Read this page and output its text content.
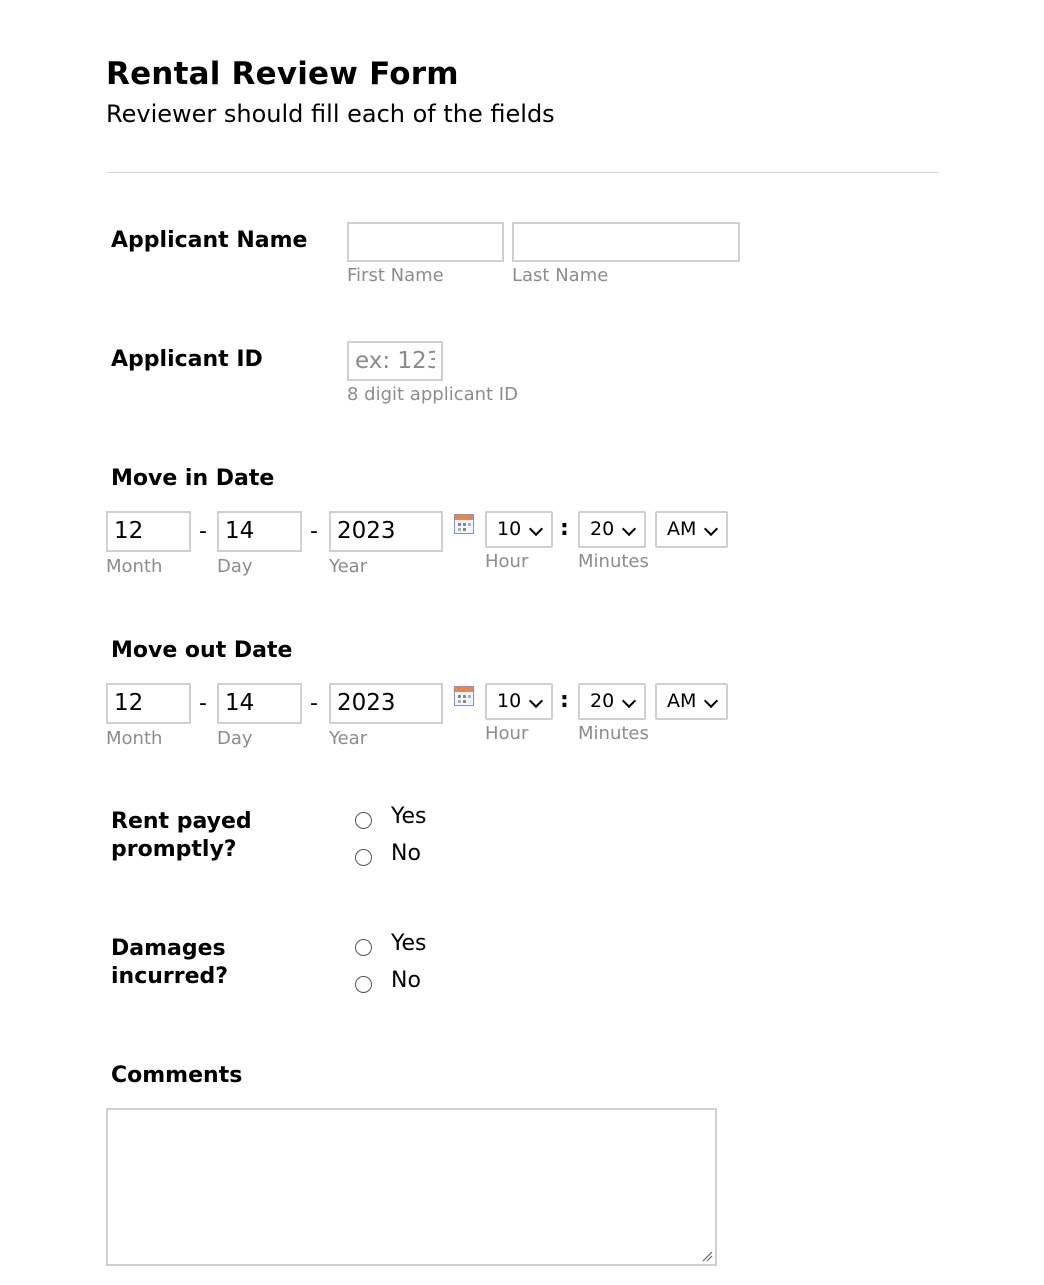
Rental Review Form
Reviewer should fill each of the fields
Applicant Name
First Name	Last Name
Applicant ID
ex: 12345678
8 digit applicant ID
Move in Date
12	- 14	- 2023	10	:	20	AM
Month	Day	Year	Hour	Minutes
Move out Date
12	- 14	- 2023	10	:	20	AM
Month	Day	Year	Hour	Minutes
Rent payed
promptly?
Yes
No
Damages
incurred?
Yes
No
Comments
